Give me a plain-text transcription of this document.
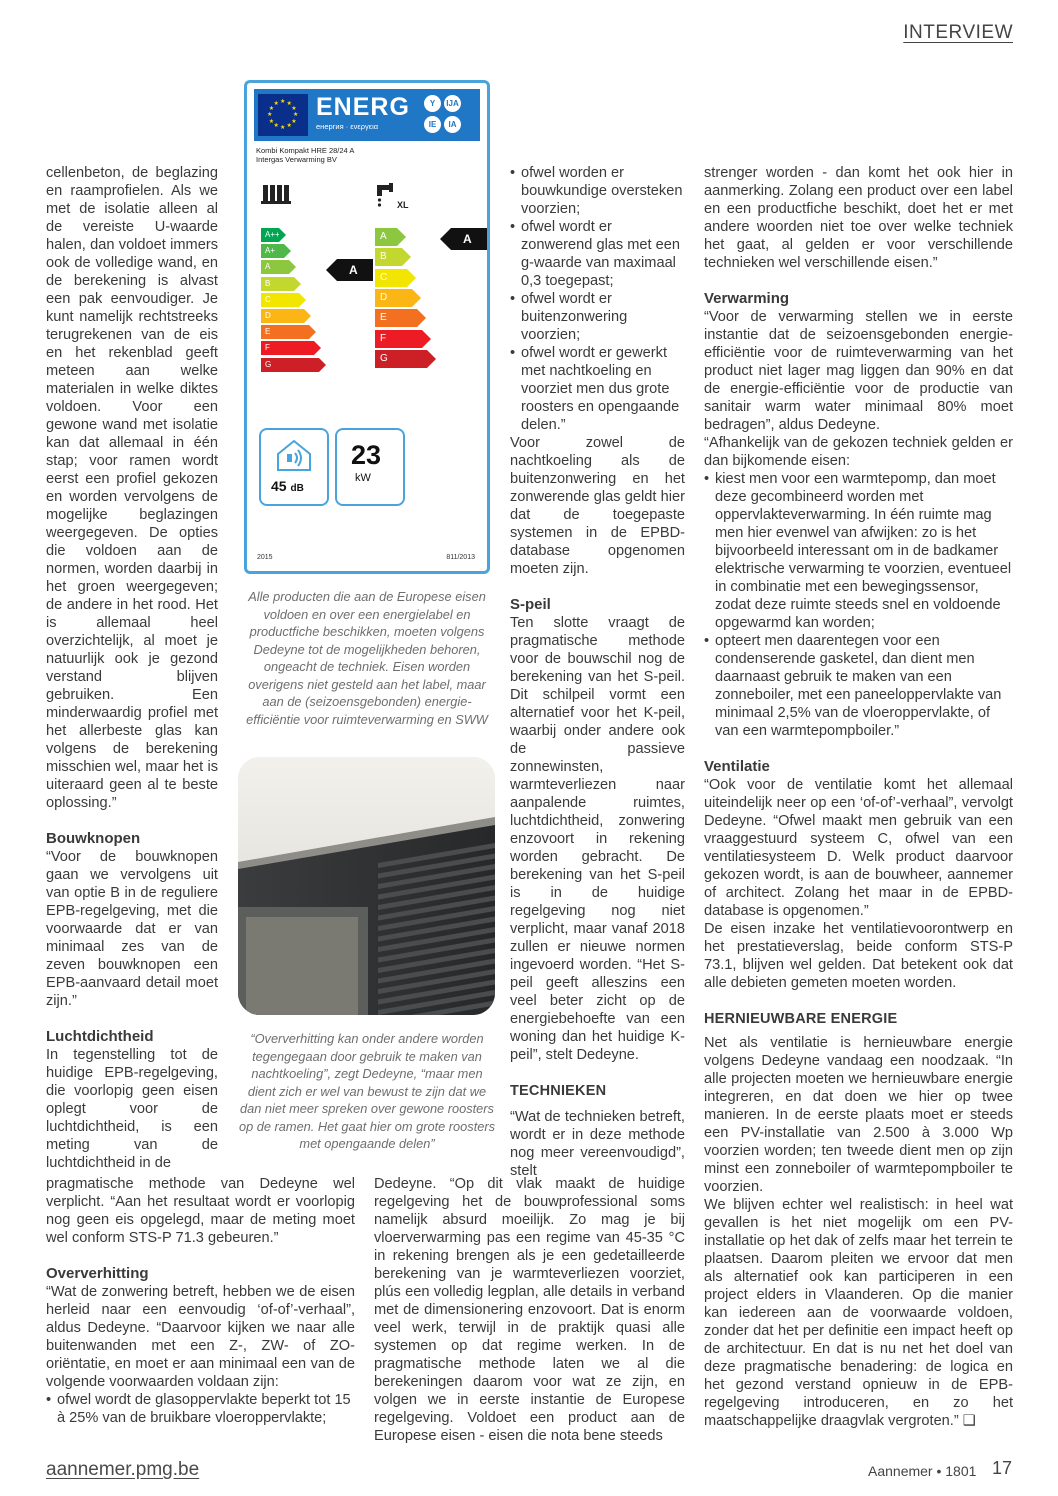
INTERVIEW
★
★
★
★
★
★
★
★
★ ★ ★
★ ENERG
енергия · ενεργεια
Y	IJA
IE	IA
Kombi Kompakt HRE 28/24 A
Intergas Verwarming BV
XL
A++
A+
A
B
C
D
E
F
G
A
B
C
D
E
F
G
A
A
45 dB
23
kW
2015	811/2013
Alle producten die aan de Europese eisen voldoen en over een energielabel en productfiche beschikken, moeten volgens Dedeyne tot de mogelijkheden behoren, ongeacht de techniek. Eisen worden overigens niet gesteld aan het label, maar aan de (seizoensgebonden) energie-efficiëntie voor ruimteverwarming en SWW
“Oververhitting kan onder andere worden tegengegaan door gebruik te maken van nachtkoeling”, zegt Dedeyne, “maar men dient zich er wel van bewust te zijn dat we dan niet meer spreken over gewone roosters op de ramen. Het gaat hier om grote roosters met opengaande delen”

cellenbeton, de beglazing en raamprofielen. Als we met de isolatie alleen al de vereiste U-waarde halen, dan voldoet immers ook de volledige wand, en de berekening is alvast een pak eenvoudiger. Je kunt namelijk rechtstreeks terugrekenen van de eis en het rekenblad geeft meteen aan welke materialen in welke diktes voldoen. Voor een gewone wand met isolatie kan dat allemaal in één stap; voor ramen wordt eerst een profiel gekozen en worden vervolgens de mogelijke beglazingen weergegeven. De opties die voldoen aan de normen, worden daarbij in het groen weergegeven; de andere in het rood. Het is allemaal heel overzichtelijk, al moet je natuurlijk ook je gezond verstand blijven gebruiken. Een minderwaardig profiel met het allerbeste glas kan volgens de berekening misschien wel, maar het is uiteraard geen al te beste oplossing.”

Bouwknopen

“Voor de bouwknopen gaan we vervolgens uit van optie B in de reguliere EPB-regelgeving, met die voorwaarde dat er van minimaal zes van de zeven bouwknopen een EPB-aanvaard detail moet zijn.”

Luchtdichtheid

In tegenstelling tot de huidige EPB-regelgeving, die voorlopig geen eisen oplegt voor de luchtdichtheid, is een meting van de luchtdichtheid in de

pragmatische methode van Dedeyne wel verplicht. “Aan het resultaat wordt er voorlopig nog geen eis opgelegd, maar de meting moet wel conform STS-P 71.3 gebeuren.”

Oververhitting

“Wat de zonwering betreft, hebben we de eisen herleid naar een eenvoudig ‘of-of’-verhaal”, aldus Dedeyne. “Daarvoor kijken we naar alle buitenwanden met een Z-, ZW- of ZO-oriëntatie, en moet er aan minimaal een van de volgende voorwaarden voldaan zijn:

• ofwel wordt de glasoppervlakte beperkt tot 15 à 25% van de bruikbare vloeroppervlakte;
• ofwel worden er bouwkundige oversteken voorzien;
• ofwel wordt er zonwerend glas met een g-waarde van maximaal 0,3 toegepast;
• ofwel wordt er buitenzonwering voorzien;
• ofwel wordt er gewerkt met nachtkoeling en voorziet men dus grote roosters en opengaande delen.”

Voor zowel de nachtkoeling als de buitenzonwering en het zonwerende glas geldt hier dat de toegepaste systemen in de EPBD-database opgenomen moeten zijn.

S-peil

Ten slotte vraagt de pragmatische methode voor de bouwschil nog de berekening van het S-peil. Dit schilpeil vormt een alternatief voor het K-peil, waarbij onder andere ook de passieve zonnewinsten, warmteverliezen naar aanpalende ruimtes, luchtdichtheid, zonwering enzovoort in rekening worden gebracht. De berekening van het S-peil is in de huidige regelgeving nog niet verplicht, maar vanaf 2018 zullen er nieuwe normen ingevoerd worden. “Het S-peil geeft alleszins een veel beter zicht op de energiebehoefte van een woning dan het huidige K-peil”, stelt Dedeyne.

TECHNIEKEN

“Wat de technieken betreft, wordt er in deze methode nog meer vereenvoudigd”, stelt

Dedeyne. “Op dit vlak maakt de huidige regelgeving het de bouwprofessional soms namelijk absurd moeilijk. Zo mag je bij vloerverwarming pas een regime van 45-35 °C in rekening brengen als je een gedetailleerde berekening van je warmteverliezen voorziet, plús een volledig legplan, alle details in verband met de dimensionering enzovoort. Dat is enorm veel werk, terwijl in de praktijk quasi alle systemen op dat regime werken. In de pragmatische methode laten we al die berekeningen daarom voor wat ze zijn, en volgen we in eerste instantie de Europese regelgeving. Voldoet een product aan de Europese eisen - eisen die nota bene steeds

strenger worden - dan komt het ook hier in aanmerking. Zolang een product over een label en een productfiche beschikt, doet het er met andere woorden niet toe over welke techniek het gaat, al gelden er voor verschillende technieken wel verschillende eisen.”

Verwarming

“Voor de verwarming stellen we in eerste instantie dat de seizoensgebonden energie-efficiëntie voor de ruimteverwarming van het product niet lager mag liggen dan 90% en dat de energie-efficiëntie voor de productie van sanitair warm water minimaal 80% moet bedragen”, aldus Dedeyne.

“Afhankelijk van de gekozen techniek gelden er dan bijkomende eisen:

• kiest men voor een warmtepomp, dan moet deze gecombineerd worden met oppervlakteverwarming. In één ruimte mag men hier evenwel van afwijken: zo is het bijvoorbeeld interessant om in de badkamer elektrische verwarming te voorzien, eventueel in combinatie met een bewegingssensor, zodat deze ruimte steeds snel en voldoende opgewarmd kan worden;
• opteert men daarentegen voor een condenserende gasketel, dan dient men daarnaast gebruik te maken van een zonneboiler, met een paneeloppervlakte van minimaal 2,5% van de vloeroppervlakte, of van een warmtepompboiler.”

Ventilatie

“Ook voor de ventilatie komt het allemaal uiteindelijk neer op een ‘of-of’-verhaal”, vervolgt Dedeyne. “Ofwel maakt men gebruik van een vraaggestuurd systeem C, ofwel van een ventilatiesysteem D. Welk product daarvoor gekozen wordt, is aan de bouwheer, aannemer of architect. Zolang het maar in de EPBD-database is opgenomen.”

De eisen inzake het ventilatievoorontwerp en het prestatieverslag, beide conform STS-P 73.1, blijven wel gelden. Dat betekent ook dat alle debieten gemeten moeten worden.

HERNIEUWBARE ENERGIE

Net als ventilatie is hernieuwbare energie volgens Dedeyne vandaag een noodzaak. “In alle projecten moeten we hernieuwbare energie integreren, en dat doen we hier op twee manieren. In de eerste plaats moet er steeds een PV-installatie van 2.500 à 3.000 Wp voorzien worden; ten tweede dient men op zijn minst een zonneboiler of warmtepompboiler te voorzien.

We blijven echter wel realistisch: in heel wat gevallen is het niet mogelijk om een PV-installatie op het dak of zelfs maar het terrein te plaatsen. Daarom pleiten we ervoor dat men als alternatief ook kan participeren in een project elders in Vlaanderen. Op die manier kan iedereen aan de voorwaarde voldoen, zonder dat het per definitie een impact heeft op de architectuur. En dat is nu net het doel van deze pragmatische benadering: de logica en het gezond verstand opnieuw in de EPB-regelgeving introduceren, en zo het maatschappelijke draagvlak vergroten.” ❑

aannemer.pmg.be	Aannemer • 1801 17
